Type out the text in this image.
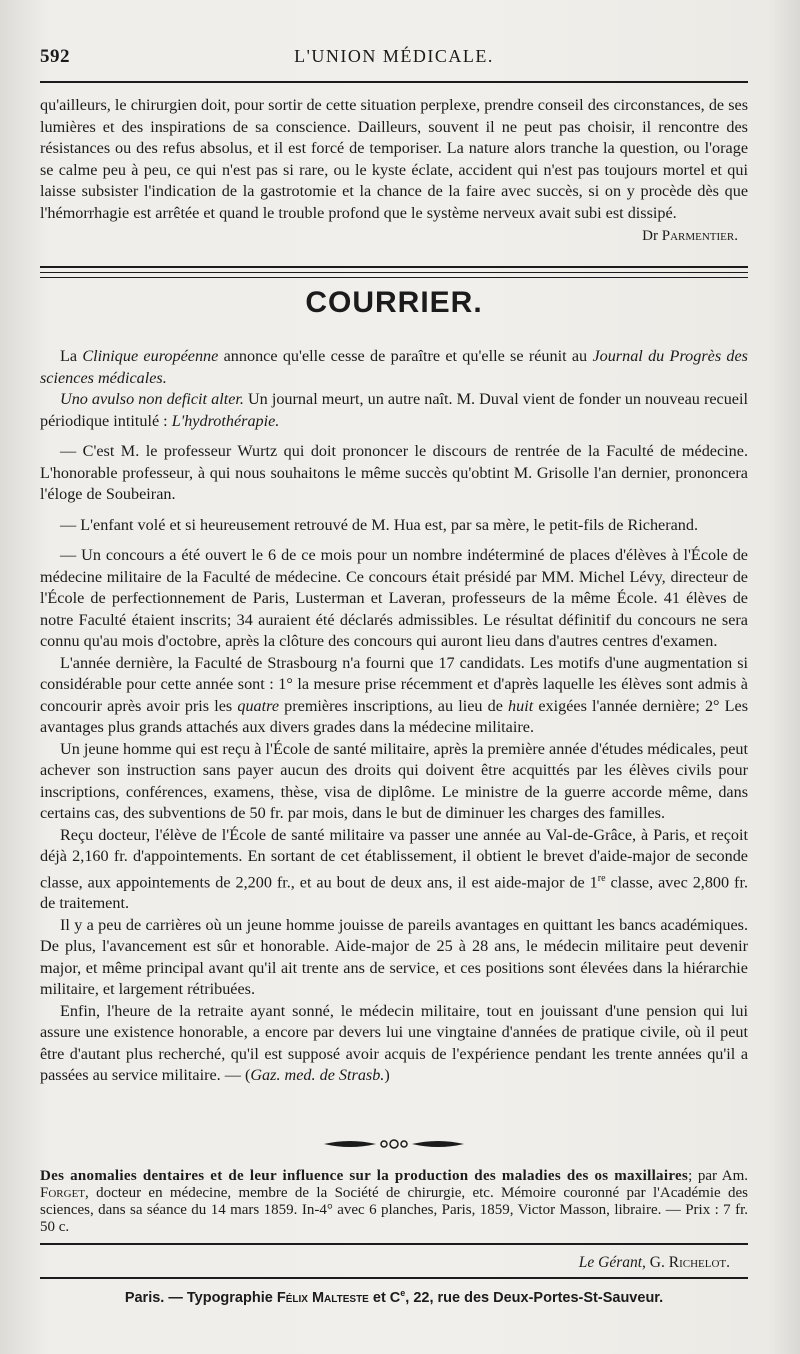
592	L'UNION MÉDICALE.

qu'ailleurs, le chirurgien doit, pour sortir de cette situation perplexe, prendre conseil des circonstances, de ses lumières et des inspirations de sa conscience. Dailleurs, souvent il ne peut pas choisir, il rencontre des résistances ou des refus absolus, et il est forcé de temporiser. La nature alors tranche la question, ou l'orage se calme peu à peu, ce qui n'est pas si rare, ou le kyste éclate, accident qui n'est pas toujours mortel et qui laisse subsister l'indication de la gastrotomie et la chance de la faire avec succès, si on y procède dès que l'hémorrhagie est arrêtée et quand le trouble profond que le système nerveux avait subi est dissipé.

Dr Parmentier.
COURRIER.

La Clinique européenne annonce qu'elle cesse de paraître et qu'elle se réunit au Journal du Progrès des sciences médicales.

Uno avulso non deficit alter. Un journal meurt, un autre naît. M. Duval vient de fonder un nouveau recueil périodique intitulé : L'hydrothérapie.

— C'est M. le professeur Wurtz qui doit prononcer le discours de rentrée de la Faculté de médecine. L'honorable professeur, à qui nous souhaitons le même succès qu'obtint M. Grisolle l'an dernier, prononcera l'éloge de Soubeiran.

— L'enfant volé et si heureusement retrouvé de M. Hua est, par sa mère, le petit-fils de Richerand.

— Un concours a été ouvert le 6 de ce mois pour un nombre indéterminé de places d'élèves à l'École de médecine militaire de la Faculté de médecine. Ce concours était présidé par MM. Michel Lévy, directeur de l'École de perfectionnement de Paris, Lusterman et Laveran, professeurs de la même École. 41 élèves de notre Faculté étaient inscrits; 34 auraient été déclarés admissibles. Le résultat définitif du concours ne sera connu qu'au mois d'octobre, après la clôture des concours qui auront lieu dans d'autres centres d'examen.

L'année dernière, la Faculté de Strasbourg n'a fourni que 17 candidats. Les motifs d'une augmentation si considérable pour cette année sont : 1° la mesure prise récemment et d'après laquelle les élèves sont admis à concourir après avoir pris les quatre premières inscriptions, au lieu de huit exigées l'année dernière; 2° Les avantages plus grands attachés aux divers grades dans la médecine militaire.

Un jeune homme qui est reçu à l'École de santé militaire, après la première année d'études médicales, peut achever son instruction sans payer aucun des droits qui doivent être acquittés par les élèves civils pour inscriptions, conférences, examens, thèse, visa de diplôme. Le ministre de la guerre accorde même, dans certains cas, des subventions de 50 fr. par mois, dans le but de diminuer les charges des familles.

Reçu docteur, l'élève de l'École de santé militaire va passer une année au Val-de-Grâce, à Paris, et reçoit déjà 2,160 fr. d'appointements. En sortant de cet établissement, il obtient le brevet d'aide-major de seconde classe, aux appointements de 2,200 fr., et au bout de deux ans, il est aide-major de 1re classe, avec 2,800 fr. de traitement.

Il y a peu de carrières où un jeune homme jouisse de pareils avantages en quittant les bancs académiques. De plus, l'avancement est sûr et honorable. Aide-major de 25 à 28 ans, le médecin militaire peut devenir major, et même principal avant qu'il ait trente ans de service, et ces positions sont élevées dans la hiérarchie militaire, et largement rétribuées.

Enfin, l'heure de la retraite ayant sonné, le médecin militaire, tout en jouissant d'une pension qui lui assure une existence honorable, a encore par devers lui une vingtaine d'années de pratique civile, où il peut être d'autant plus recherché, qu'il est supposé avoir acquis de l'expérience pendant les trente années qu'il a passées au service militaire. — (Gaz. med. de Strasb.)

Des anomalies dentaires et de leur influence sur la production des maladies des os maxillaires; par Am. Forget, docteur en médecine, membre de la Société de chirurgie, etc. Mémoire couronné par l'Académie des sciences, dans sa séance du 14 mars 1859. In-4° avec 6 planches, Paris, 1859, Victor Masson, libraire. — Prix : 7 fr. 50 c.
Le Gérant, G. Richelot.
Paris. — Typographie Félix Malteste et Ce, 22, rue des Deux-Portes-St-Sauveur.
